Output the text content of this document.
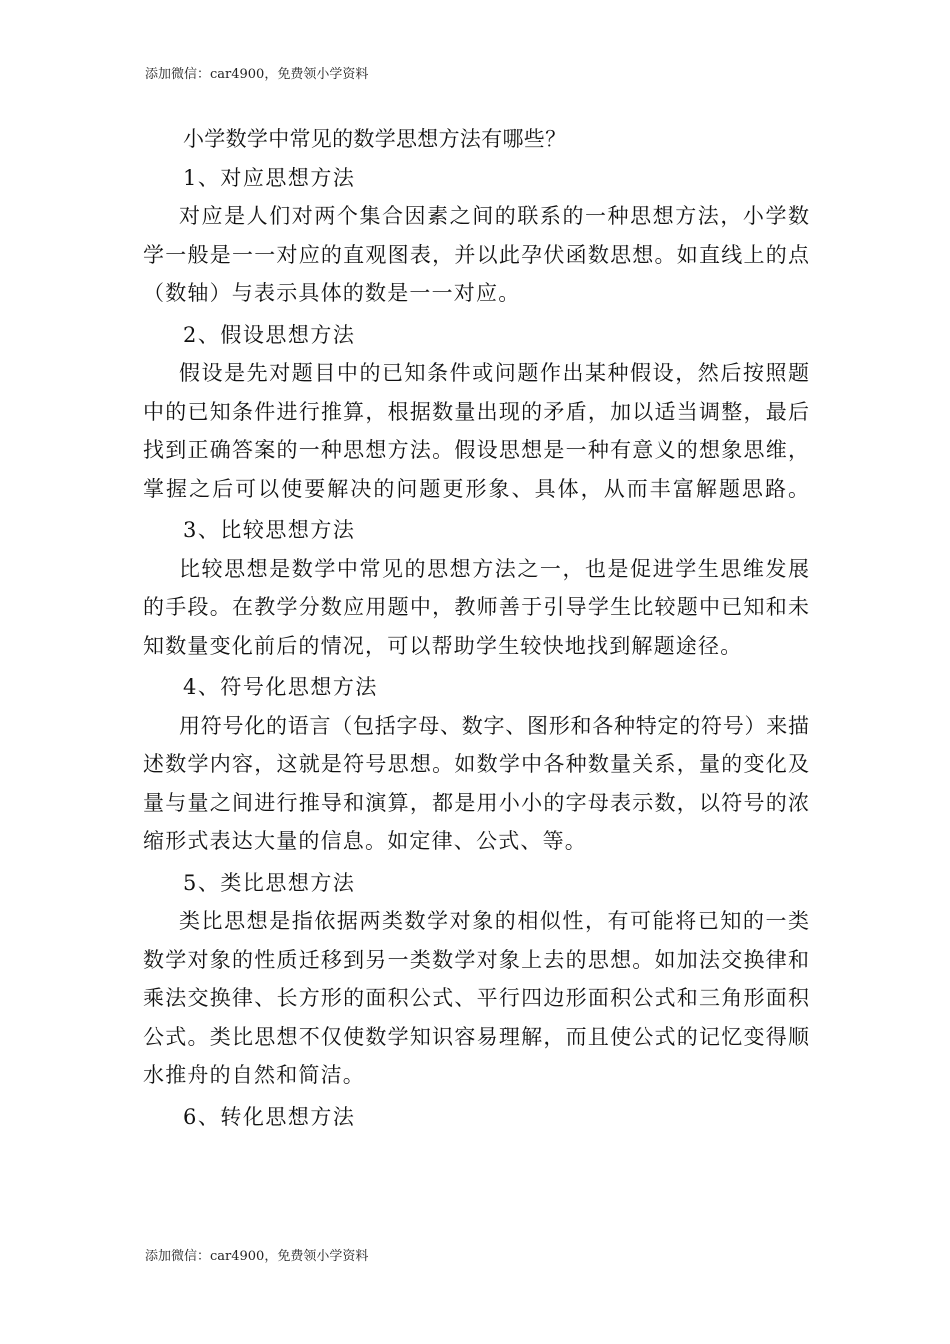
添加微信：car4900，免费领小学资料
小学数学中常见的数学思想方法有哪些？
1、对应思想方法
对应是人们对两个集合因素之间的联系的一种思想方法，小学数
学一般是一一对应的直观图表，并以此孕伏函数思想。如直线上的点
（数轴）与表示具体的数是一一对应。
2、假设思想方法
假设是先对题目中的已知条件或问题作出某种假设，然后按照题
中的已知条件进行推算，根据数量出现的矛盾，加以适当调整，最后
找到正确答案的一种思想方法。假设思想是一种有意义的想象思维，
掌握之后可以使要解决的问题更形象、具体，从而丰富解题思路。
3、比较思想方法
比较思想是数学中常见的思想方法之一，也是促进学生思维发展
的手段。在教学分数应用题中，教师善于引导学生比较题中已知和未
知数量变化前后的情况，可以帮助学生较快地找到解题途径。
4、符号化思想方法
用符号化的语言（包括字母、数字、图形和各种特定的符号）来描
述数学内容，这就是符号思想。如数学中各种数量关系，量的变化及
量与量之间进行推导和演算，都是用小小的字母表示数，以符号的浓
缩形式表达大量的信息。如定律、公式、等。
5、类比思想方法
类比思想是指依据两类数学对象的相似性，有可能将已知的一类
数学对象的性质迁移到另一类数学对象上去的思想。如加法交换律和
乘法交换律、长方形的面积公式、平行四边形面积公式和三角形面积
公式。类比思想不仅使数学知识容易理解，而且使公式的记忆变得顺
水推舟的自然和简洁。
6、转化思想方法
添加微信：car4900，免费领小学资料
